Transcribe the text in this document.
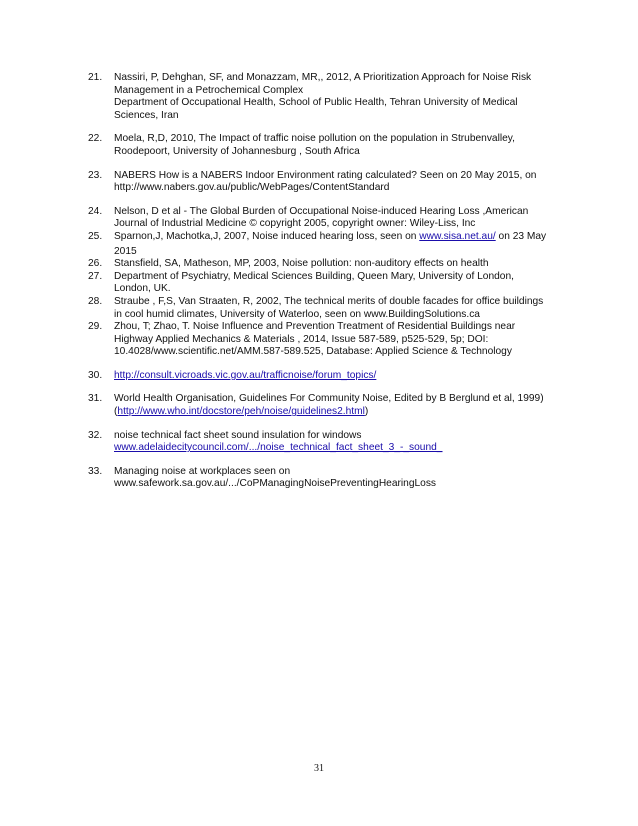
21.	Nassiri, P, Dehghan, SF, and Monazzam, MR,, 2012, A Prioritization Approach for Noise Risk
Management in a Petrochemical Complex
Department of Occupational Health, School of Public Health, Tehran University of Medical
Sciences, Iran
22.	Moela, R,D, 2010, The Impact of traffic noise pollution on the population in Strubenvalley,
Roodepoort, University of Johannesburg , South Africa
23.	NABERS How is a NABERS Indoor Environment rating calculated? Seen on 20 May 2015, on
http://www.nabers.gov.au/public/WebPages/ContentStandard
24.	Nelson, D et al - The Global Burden of Occupational Noise-induced Hearing Loss ,American
Journal of Industrial Medicine © copyright 2005, copyright owner: Wiley-Liss, Inc
25.	Sparnon,J, Machotka,J, 2007, Noise induced hearing loss, seen on www.sisa.net.au/ on 23 May
2015
26.	Stansfield, SA, Matheson, MP, 2003, Noise pollution: non-auditory effects on health
27.	Department of Psychiatry, Medical Sciences Building, Queen Mary, University of London,
London, UK.
28.	Straube , F,S, Van Straaten, R, 2002, The technical merits of double facades for office buildings
in cool humid climates, University of Waterloo, seen on www.BuildingSolutions.ca
29.	Zhou, T; Zhao, T. Noise Influence and Prevention Treatment of Residential Buildings near
Highway Applied Mechanics & Materials , 2014, Issue 587-589, p525-529, 5p; DOI:
10.4028/www.scientific.net/AMM.587-589.525, Database: Applied Science & Technology
30.	http://consult.vicroads.vic.gov.au/trafficnoise/forum_topics/
31.	World Health Organisation, Guidelines For Community Noise, Edited by B Berglund et al, 1999)
(http://www.who.int/docstore/peh/noise/guidelines2.html)
32.	noise technical fact sheet sound insulation for windows
www.adelaidecitycouncil.com/.../noise_technical_fact_sheet_3_-_sound_
33.	Managing noise at workplaces seen on
www.safework.sa.gov.au/.../CoPManagingNoisePreventingHearingLoss
31
